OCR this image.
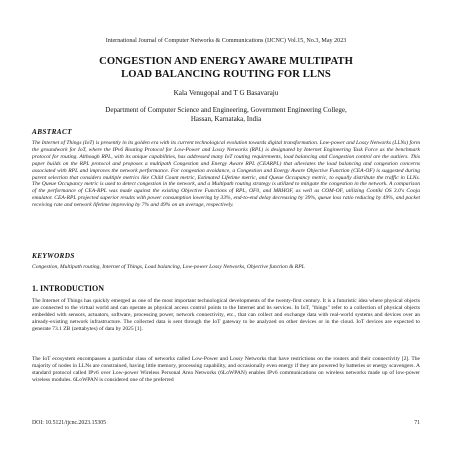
International Journal of Computer Networks & Communications (IJCNC) Vol.15, No.3, May 2023
CONGESTION AND ENERGY AWARE MULTIPATH
LOAD BALANCING ROUTING FOR LLNS
Kala Venugopal and T G Basavaraju
Department of Computer Science and Engineering, Government Engineering College,
Hassan, Karnataka, India
ABSTRACT
The Internet of Things (IoT) is presently in its golden era with its current technological evolution towards digital transformation. Low-power and Lossy Networks (LLNs) form the groundwork for IoT, where the IPv6 Routing Protocol for Low-Power and Lossy Networks (RPL) is designated by Internet Engineering Task Force as the benchmark protocol for routing. Although RPL, with its unique capabilities, has addressed many IoT routing requirements, load balancing and Congestion control are the outliers. This paper builds on the RPL protocol and proposes a multipath Congestion and Energy Aware RPL (CEARPL) that alleviates the load balancing and congestion concerns associated with RPL and improves the network performance. For congestion avoidance, a Congestion and Energy Aware Objective Function (CEA-OF) is suggested during parent selection that considers multiple metrics like Child Count metric, Estimated Lifetime metric, and Queue Occupancy metric, to equally distribute the traffic in LLNs. The Queue Occupancy metric is used to detect congestion in the network, and a Multipath routing strategy is utilized to mitigate the congestion in the network. A comparison of the performance of CEA-RPL was made against the existing Objective Functions of RPL, OF0, and MRHOF, as well as COM-OF, utilizing Contiki OS 3.0's Cooja emulator. CEA-RPL projected superior results with power consumption lowering by 33%, end-to-end delay decreasing by 39%, queue loss ratio reducing by 49%, and packet receiving rate and network lifetime improving by 7% and 49% on an average, respectively.
KEYWORDS
Congestion, Multipath routing, Internet of Things, Load balancing, Low-power Lossy Networks, Objective function & RPL
1. INTRODUCTION
The Internet of Things has quickly emerged as one of the most important technological developments of the twenty-first century. It is a futuristic idea where physical objects are connected to the virtual world and can operate as physical access control points to the Internet and its services. In IoT, "things" refer to a collection of physical objects embedded with sensors, actuators, software, processing power, network connectivity, etc., that can collect and exchange data with real-world systems and devices over an already-existing network infrastructure. The collected data is sent through the IoT gateway to be analyzed on other devices or in the cloud. IoT devices are expected to generate 73.1 ZB (zettabytes) of data by 2025 [1].
The IoT ecosystem encompasses a particular class of networks called Low-Power and Lossy Networks that have restrictions on the routers and their connectivity [2]. The majority of nodes in LLNs are constrained, having little memory, processing capability, and occasionally even energy if they are powered by batteries or energy scavengers. A standard protocol called IPv6 over Low-power Wireless Personal Area Networks (6LoWPAN) enables IPv6 communications on wireless networks made up of low-power wireless modules. 6LoWPAN is considered one of the preferred
DOI: 10.5121/ijcnc.2023.15305	71
